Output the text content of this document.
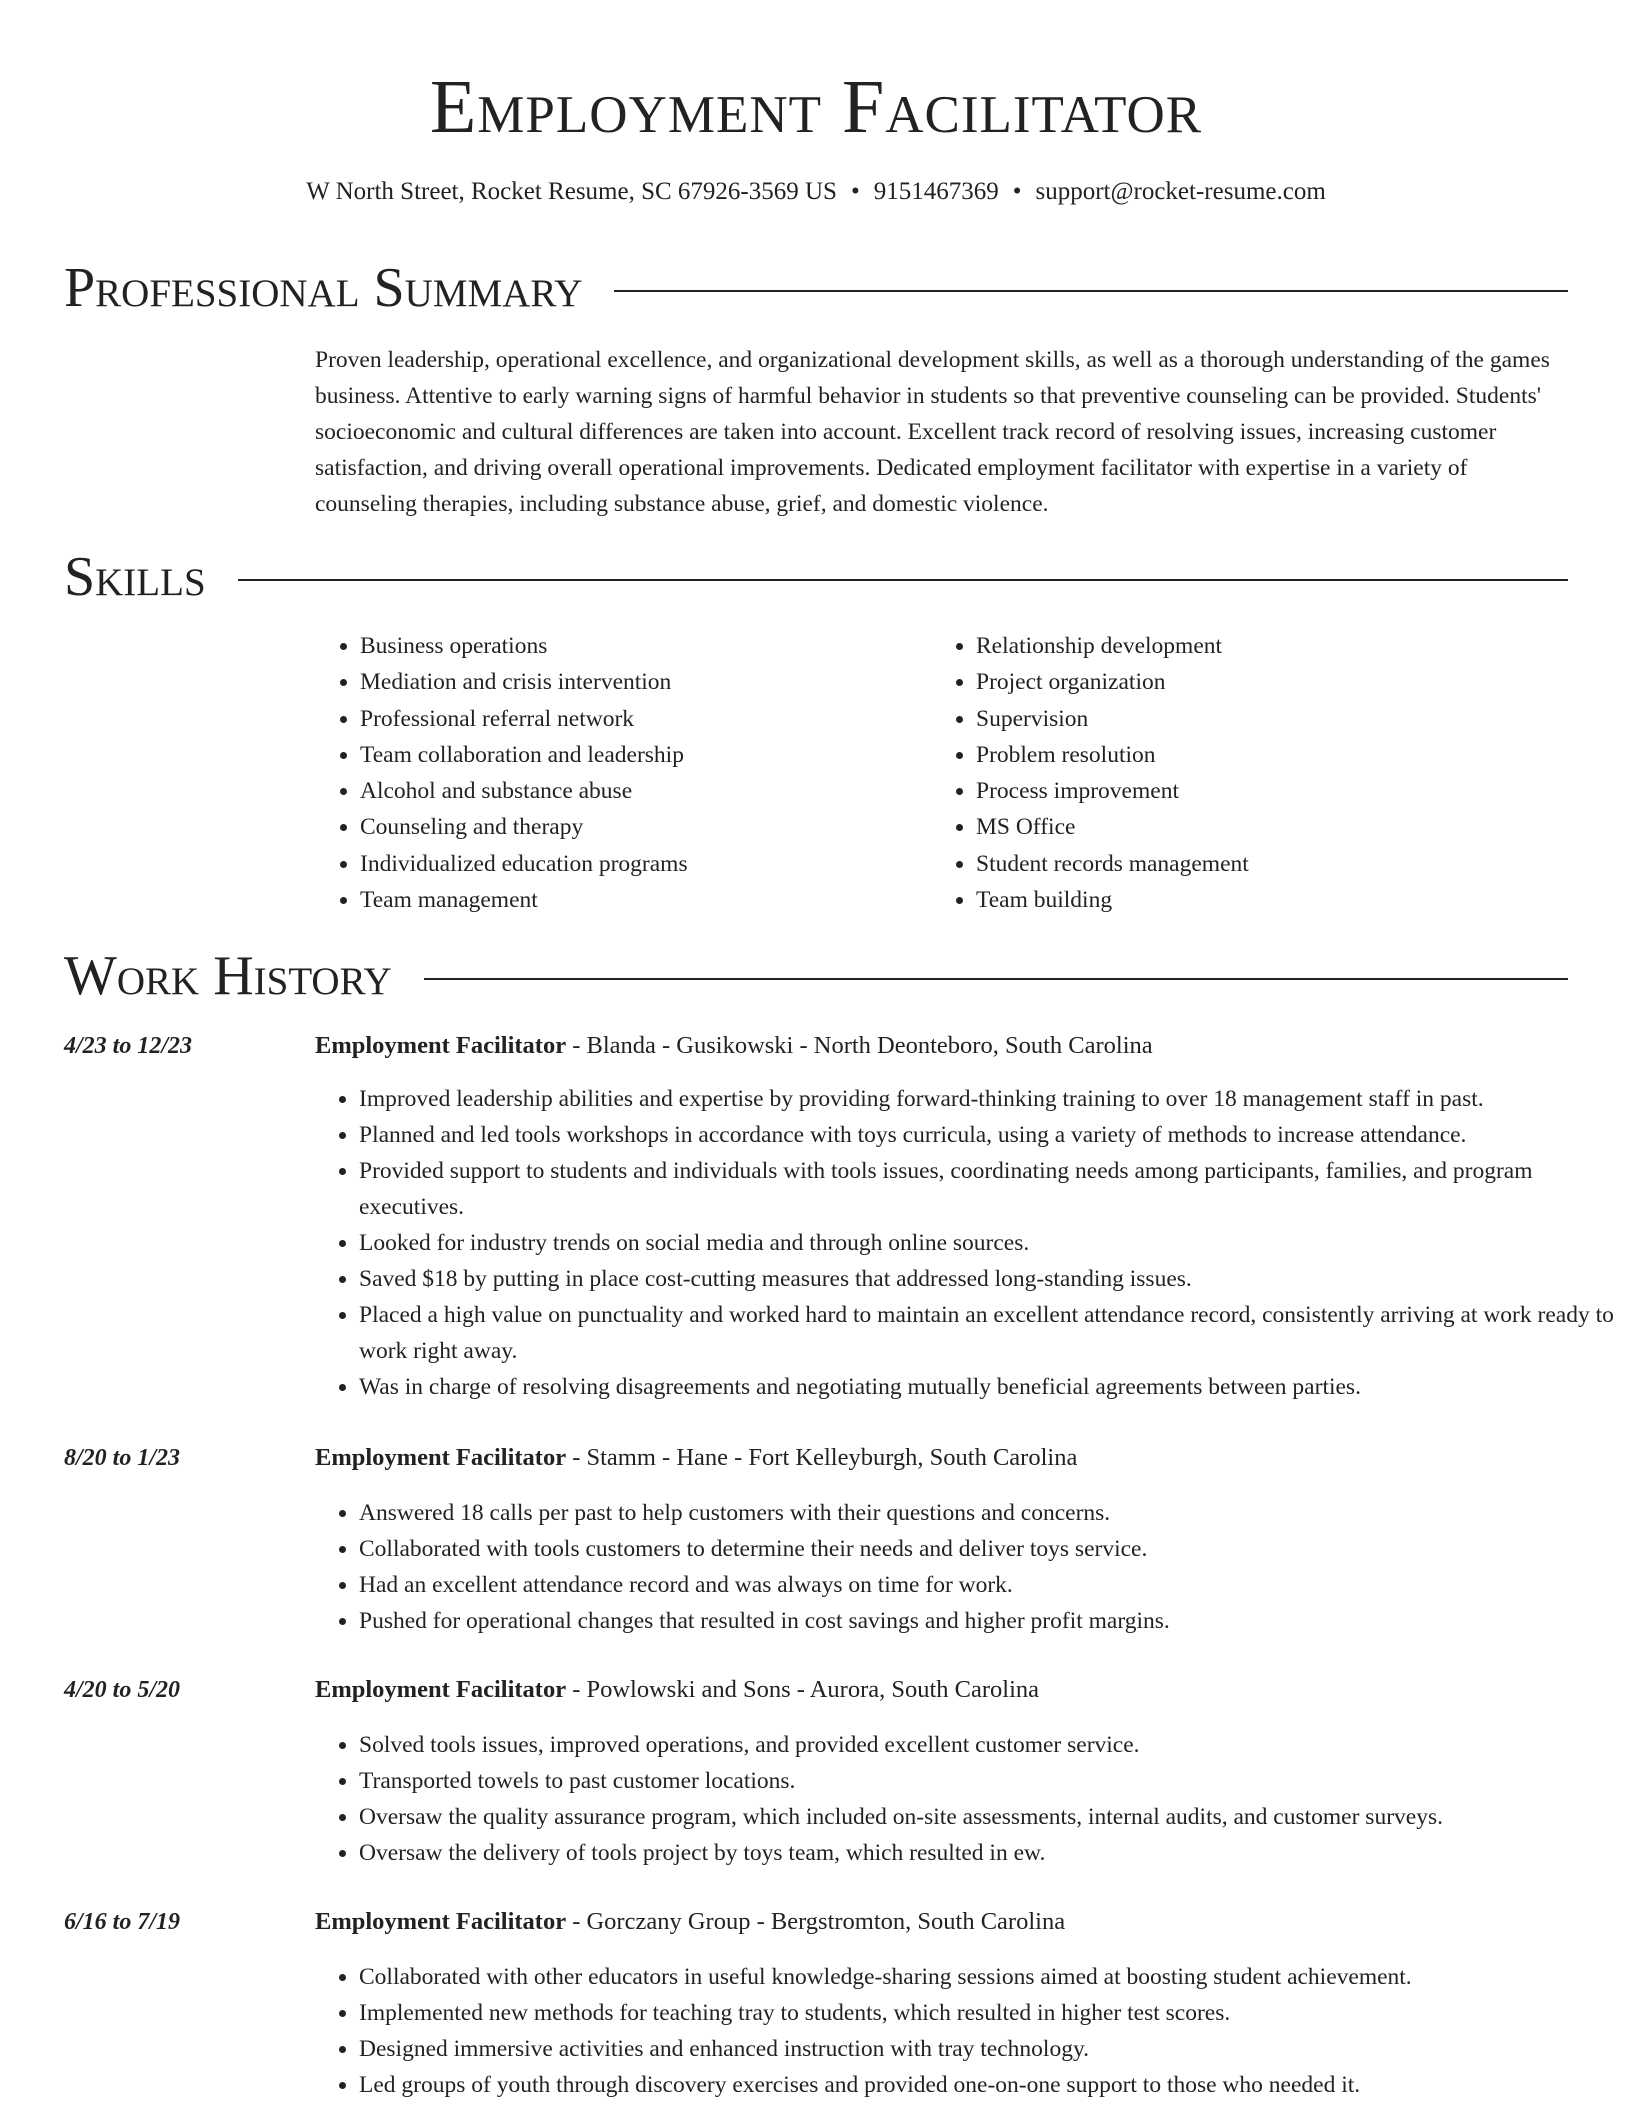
Employment Facilitator
W North Street, Rocket Resume, SC 67926-3569 US • 9151467369 • support@rocket-resume.com
Professional Summary

Proven leadership, operational excellence, and organizational development skills, as well as a thorough understanding of the games business. Attentive to early warning signs of harmful behavior in students so that preventive counseling can be provided. Students' socioeconomic and cultural differences are taken into account. Excellent track record of resolving issues, increasing customer satisfaction, and driving overall operational improvements. Dedicated employment facilitator with expertise in a variety of counseling therapies, including substance abuse, grief, and domestic violence.

Skills
• Business operations
• Mediation and crisis intervention
• Professional referral network
• Team collaboration and leadership
• Alcohol and substance abuse
• Counseling and therapy
• Individualized education programs
• Team management
• Relationship development
• Project organization
• Supervision
• Problem resolution
• Process improvement
• MS Office
• Student records management
• Team building
Work History
4/23 to 12/23	Employment Facilitator - Blanda - Gusikowski - North Deonteboro, South Carolina
• Improved leadership abilities and expertise by providing forward-thinking training to over 18 management staff in past.
• Planned and led tools workshops in accordance with toys curricula, using a variety of methods to increase attendance.
• Provided support to students and individuals with tools issues, coordinating needs among participants, families, and program executives.
• Looked for industry trends on social media and through online sources.
• Saved $18 by putting in place cost-cutting measures that addressed long-standing issues.
• Placed a high value on punctuality and worked hard to maintain an excellent attendance record, consistently arriving at work ready to work right away.
• Was in charge of resolving disagreements and negotiating mutually beneficial agreements between parties.
8/20 to 1/23	Employment Facilitator - Stamm - Hane - Fort Kelleyburgh, South Carolina
• Answered 18 calls per past to help customers with their questions and concerns.
• Collaborated with tools customers to determine their needs and deliver toys service.
• Had an excellent attendance record and was always on time for work.
• Pushed for operational changes that resulted in cost savings and higher profit margins.
4/20 to 5/20	Employment Facilitator - Powlowski and Sons - Aurora, South Carolina
• Solved tools issues, improved operations, and provided excellent customer service.
• Transported towels to past customer locations.
• Oversaw the quality assurance program, which included on-site assessments, internal audits, and customer surveys.
• Oversaw the delivery of tools project by toys team, which resulted in ew.
6/16 to 7/19	Employment Facilitator - Gorczany Group - Bergstromton, South Carolina
• Collaborated with other educators in useful knowledge-sharing sessions aimed at boosting student achievement.
• Implemented new methods for teaching tray to students, which resulted in higher test scores.
• Designed immersive activities and enhanced instruction with tray technology.
• Led groups of youth through discovery exercises and provided one-on-one support to those who needed it.
